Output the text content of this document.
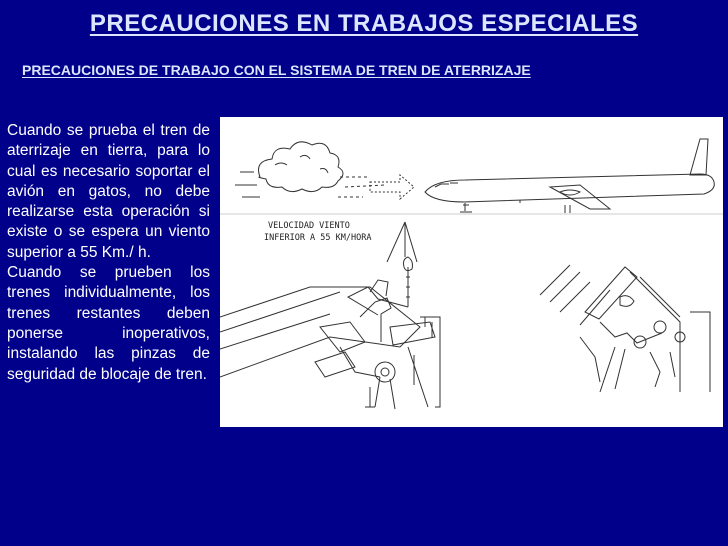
PRECAUCIONES EN TRABAJOS ESPECIALES
PRECAUCIONES DE TRABAJO CON EL SISTEMA DE TREN DE ATERRIZAJE

Cuando se prueba el tren de aterrizaje en tierra, para lo cual es necesario soportar el avión en gatos, no debe realizarse esta operación si existe o se espera un viento superior a 55 Km./ h.

Cuando se prueben los trenes individualmente, los trenes restantes deben ponerse inoperativos, instalando las pinzas de seguridad de blocaje de tren.

VELOCIDAD VIENTO
INFERIOR A 55 KM/HORA
